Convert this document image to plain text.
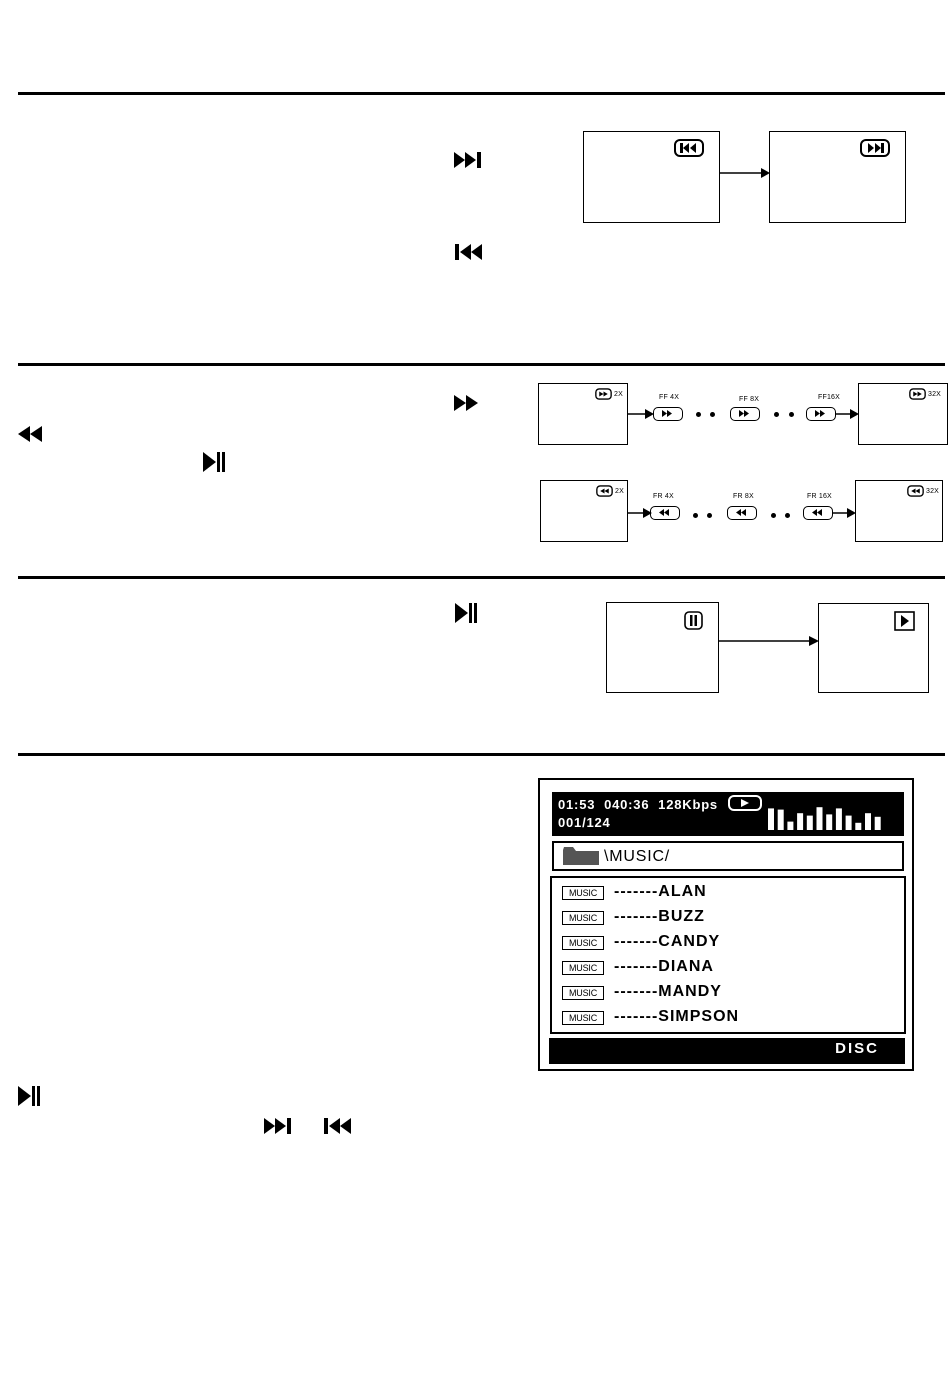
2X	FF 4X	FF 8X	FF16X	32X
2X
FR 4X	FR 8X	FR 16X
32X
01:53  040:36  128Kbps
001/124
\MUSIC/
MUSIC	-------ALAN
MUSIC	-------BUZZ
MUSIC	-------CANDY
MUSIC	-------DIANA
MUSIC	-------MANDY
MUSIC	-------SIMPSON
DISC
